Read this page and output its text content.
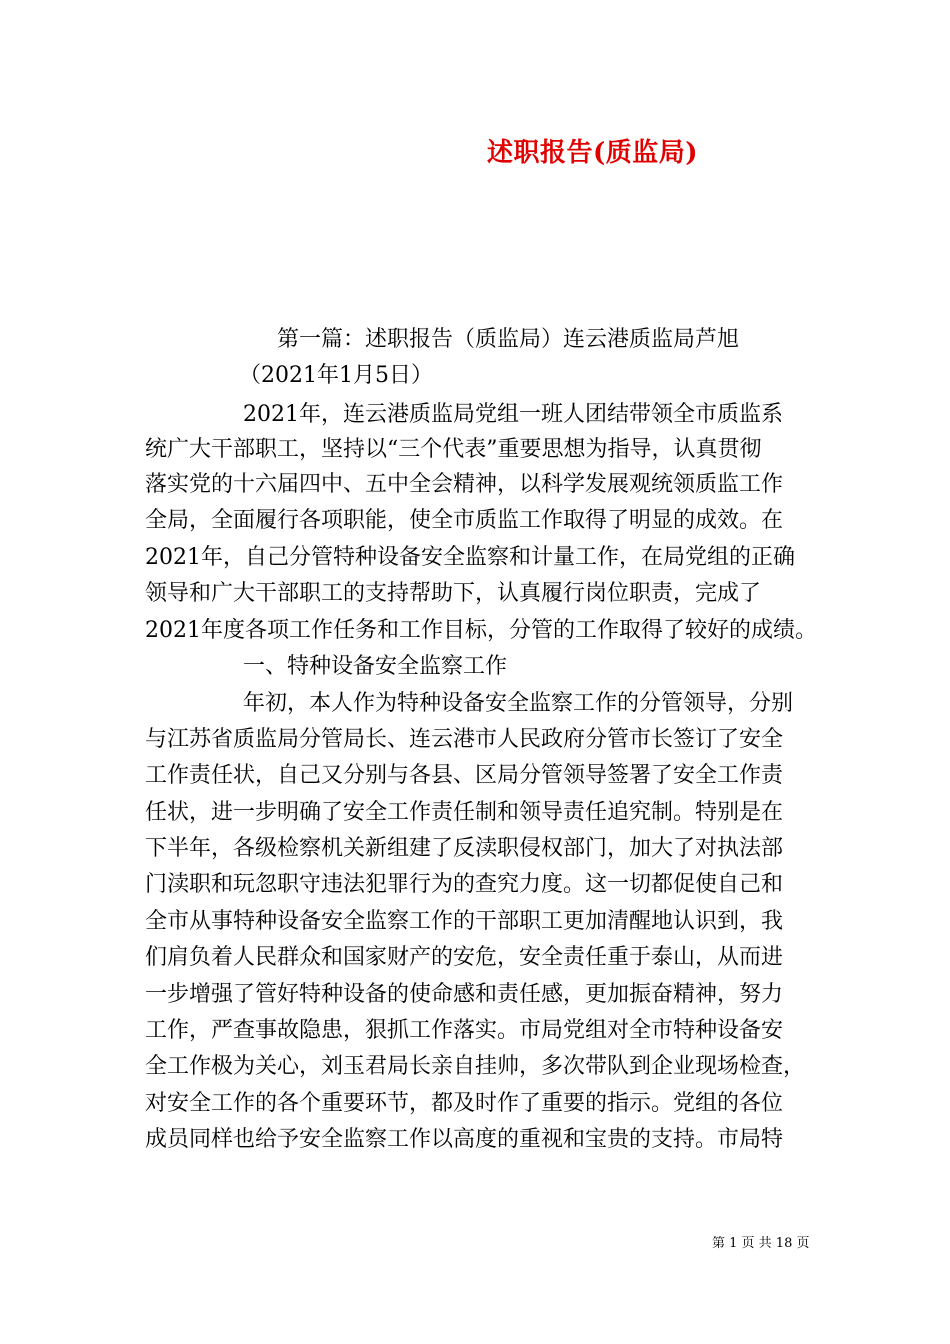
述职报告(质监局)
第一篇：述职报告（质监局）连云港质监局芦旭
（2021年1月5日）
2021年，连云港质监局党组一班人团结带领全市质监系
统广大干部职工，坚持以“三个代表”重要思想为指导，认真贯彻
落实党的十六届四中、五中全会精神，以科学发展观统领质监工作
全局，全面履行各项职能，使全市质监工作取得了明显的成效。在
2021年，自己分管特种设备安全监察和计量工作，在局党组的正确
领导和广大干部职工的支持帮助下，认真履行岗位职责，完成了
2021年度各项工作任务和工作目标，分管的工作取得了较好的成绩。
一、特种设备安全监察工作
年初，本人作为特种设备安全监察工作的分管领导，分别
与江苏省质监局分管局长、连云港市人民政府分管市长签订了安全
工作责任状，自己又分别与各县、区局分管领导签署了安全工作责
任状，进一步明确了安全工作责任制和领导责任追究制。特别是在
下半年，各级检察机关新组建了反渎职侵权部门，加大了对执法部
门渎职和玩忽职守违法犯罪行为的查究力度。这一切都促使自己和
全市从事特种设备安全监察工作的干部职工更加清醒地认识到，我
们肩负着人民群众和国家财产的安危，安全责任重于泰山，从而进
一步增强了管好特种设备的使命感和责任感，更加振奋精神，努力
工作，严查事故隐患，狠抓工作落实。市局党组对全市特种设备安
全工作极为关心，刘玉君局长亲自挂帅，多次带队到企业现场检查，
对安全工作的各个重要环节，都及时作了重要的指示。党组的各位
成员同样也给予安全监察工作以高度的重视和宝贵的支持。市局特
第 1 页 共 18 页
